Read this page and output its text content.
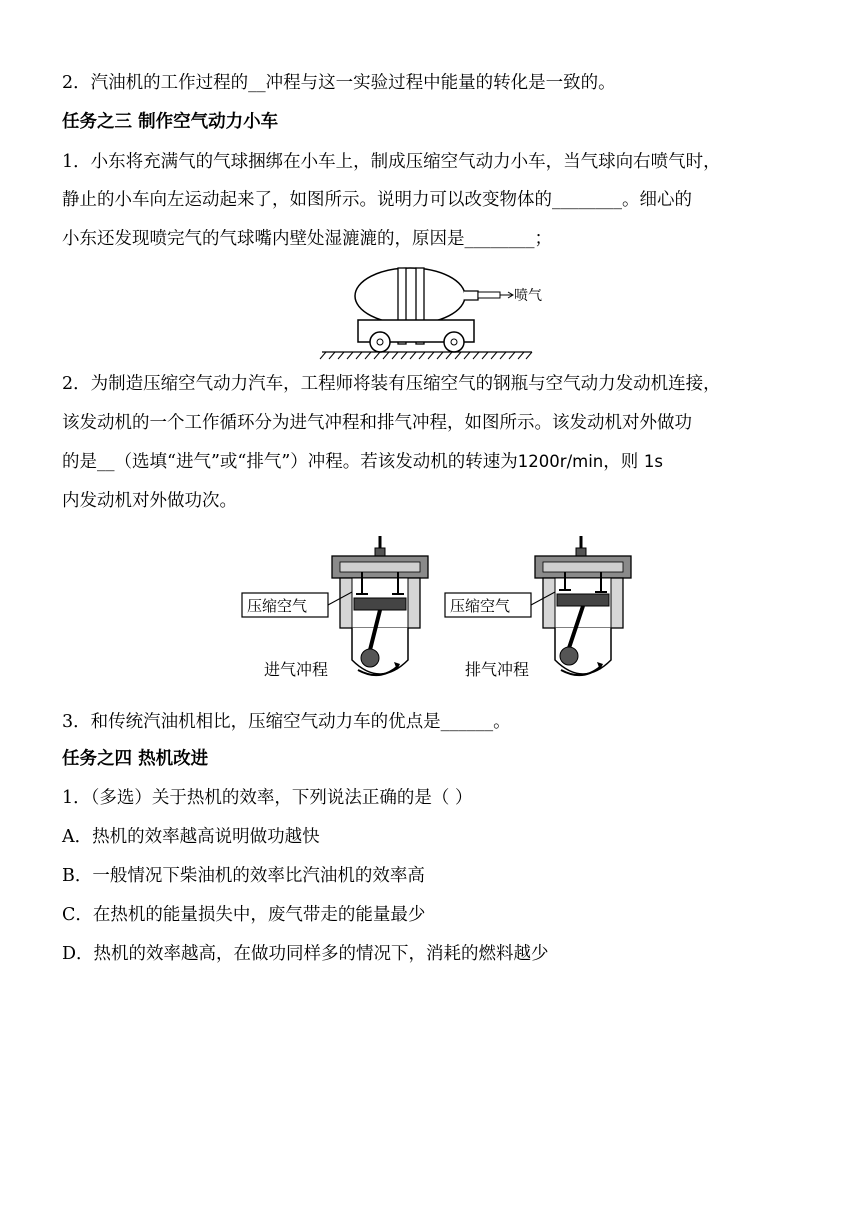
2．汽油机的工作过程的__冲程与这一实验过程中能量的转化是一致的。
任务之三 制作空气动力小车
1．小东将充满气的气球捆绑在小车上，制成压缩空气动力小车，当气球向右喷气时，
静止的小车向左运动起来了，如图所示。说明力可以改变物体的________。细心的
小东还发现喷完气的气球嘴内壁处湿漉漉的，原因是________；
喷气
2．为制造压缩空气动力汽车，工程师将装有压缩空气的钢瓶与空气动力发动机连接，
该发动机的一个工作循环分为进气冲程和排气冲程，如图所示。该发动机对外做功
的是__（选填“进气”或“排气”）冲程。若该发动机的转速为1200r/min，则 1s
内发动机对外做功次。
压缩空气
进气冲程
压缩空气
排气冲程
3．和传统汽油机相比，压缩空气动力车的优点是______。
任务之四 热机改进
1．（多选）关于热机的效率，下列说法正确的是（ ）
A．热机的效率越高说明做功越快
B．一般情况下柴油机的效率比汽油机的效率高
C．在热机的能量损失中，废气带走的能量最少
D．热机的效率越高，在做功同样多的情况下，消耗的燃料越少
